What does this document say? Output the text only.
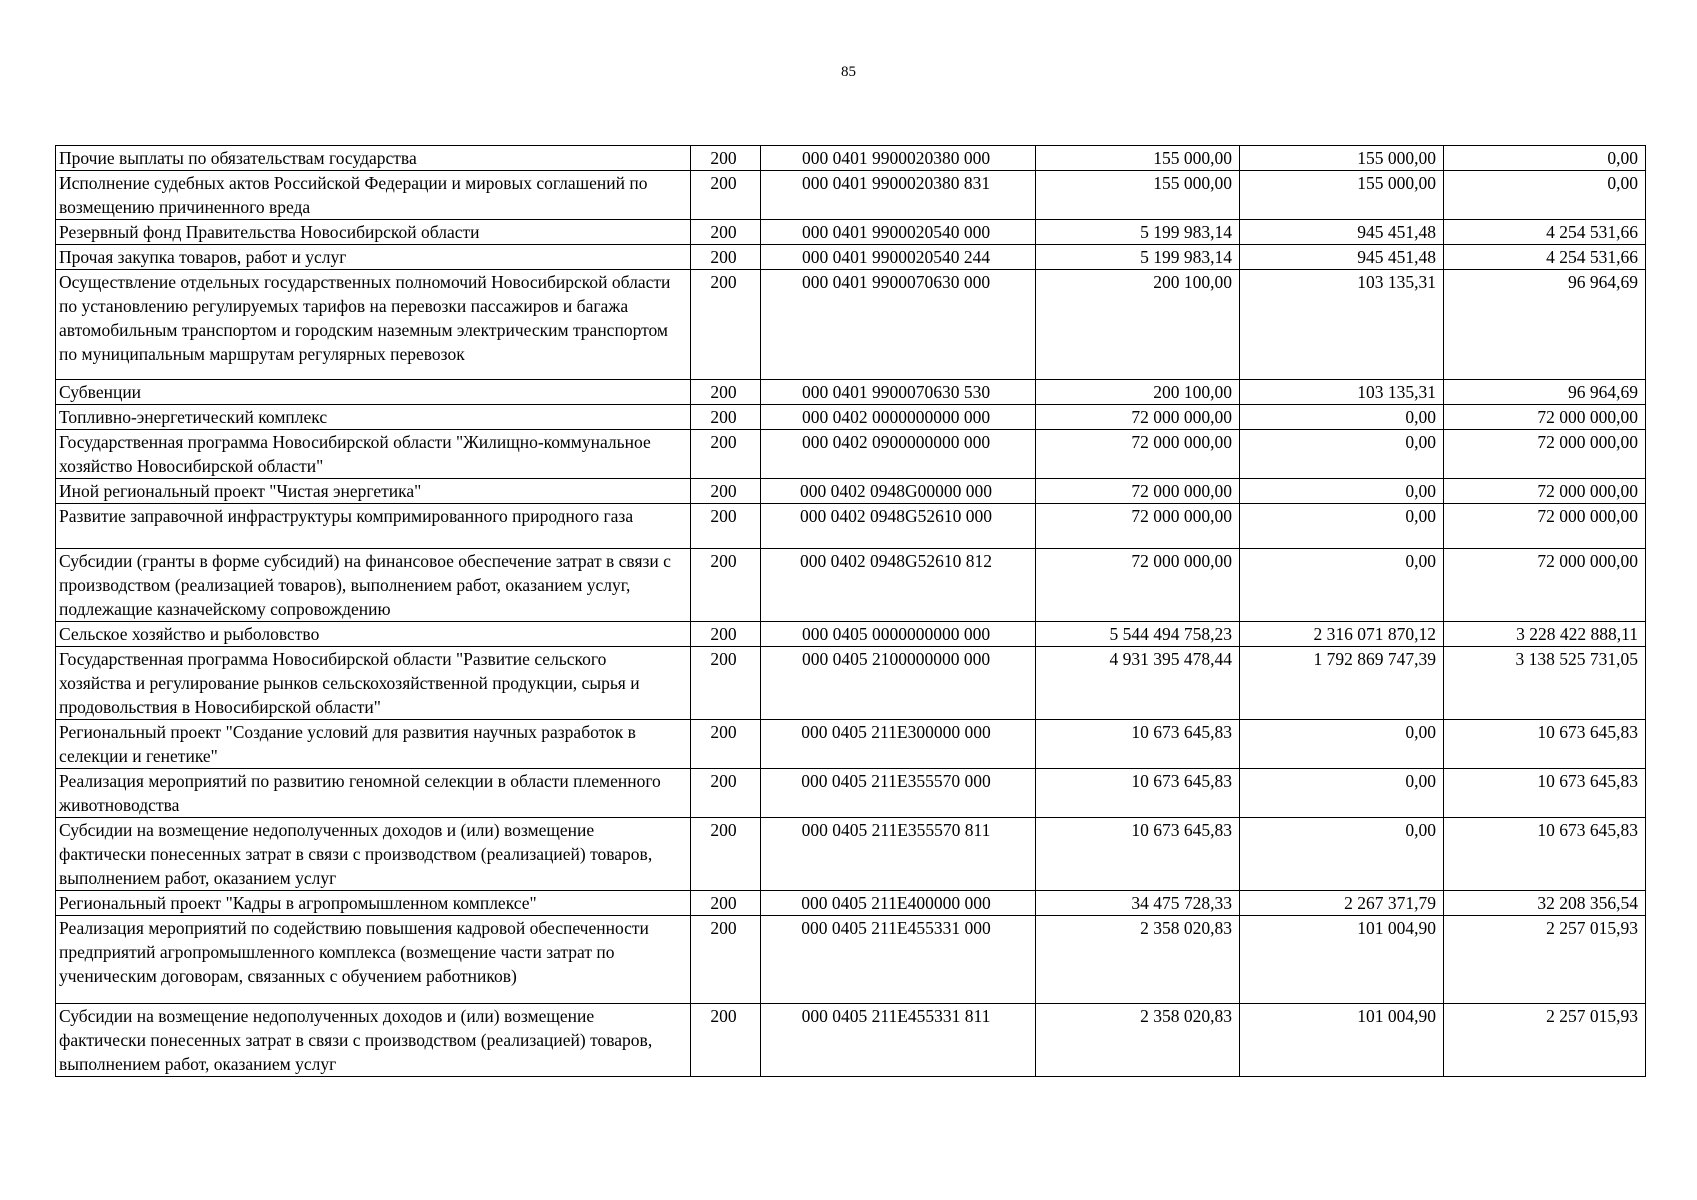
85
Прочие выплаты по обязательствам государства	200	000 0401 9900020380 000	155 000,00	155 000,00	0,00
Исполнение судебных актов Российской Федерации и мировых соглашений по возмещению причиненного вреда	200	000 0401 9900020380 831	155 000,00	155 000,00	0,00
Резервный фонд Правительства Новосибирской области	200	000 0401 9900020540 000	5 199 983,14	945 451,48	4 254 531,66
Прочая закупка товаров, работ и услуг	200	000 0401 9900020540 244	5 199 983,14	945 451,48	4 254 531,66
Осуществление отдельных государственных полномочий Новосибирской области по установлению регулируемых тарифов на перевозки пассажиров и багажа автомобильным транспортом и городским наземным электрическим транспортом по муниципальным маршрутам регулярных перевозок	200	000 0401 9900070630 000	200 100,00	103 135,31	96 964,69
Субвенции	200	000 0401 9900070630 530	200 100,00	103 135,31	96 964,69
Топливно-энергетический комплекс	200	000 0402 0000000000 000	72 000 000,00	0,00	72 000 000,00
Государственная программа Новосибирской области "Жилищно-коммунальное хозяйство Новосибирской области"	200	000 0402 0900000000 000	72 000 000,00	0,00	72 000 000,00
Иной региональный проект "Чистая энергетика"	200	000 0402 0948G00000 000	72 000 000,00	0,00	72 000 000,00
Развитие заправочной инфраструктуры компримированного природного газа	200	000 0402 0948G52610 000	72 000 000,00	0,00	72 000 000,00
Субсидии (гранты в форме субсидий) на финансовое обеспечение затрат в связи с производством (реализацией товаров), выполнением работ, оказанием услуг, подлежащие казначейскому сопровождению	200	000 0402 0948G52610 812	72 000 000,00	0,00	72 000 000,00
Сельское хозяйство и рыболовство	200	000 0405 0000000000 000	5 544 494 758,23	2 316 071 870,12	3 228 422 888,11
Государственная программа Новосибирской области "Развитие сельского хозяйства и регулирование рынков сельскохозяйственной продукции, сырья и продовольствия в Новосибирской области"	200	000 0405 2100000000 000	4 931 395 478,44	1 792 869 747,39	3 138 525 731,05
Региональный проект "Создание условий для развития научных разработок в селекции и генетике"	200	000 0405 211E300000 000	10 673 645,83	0,00	10 673 645,83
Реализация мероприятий по развитию геномной селекции в области племенного животноводства	200	000 0405 211E355570 000	10 673 645,83	0,00	10 673 645,83
Субсидии на возмещение недополученных доходов и (или) возмещение фактически понесенных затрат в связи с производством (реализацией) товаров, выполнением работ, оказанием услуг	200	000 0405 211E355570 811	10 673 645,83	0,00	10 673 645,83
Региональный проект "Кадры в агропромышленном комплексе"	200	000 0405 211E400000 000	34 475 728,33	2 267 371,79	32 208 356,54
Реализация мероприятий по содействию повышения кадровой обеспеченности предприятий агропромышленного комплекса (возмещение части затрат по ученическим договорам, связанных с обучением работников)	200	000 0405 211E455331 000	2 358 020,83	101 004,90	2 257 015,93
Субсидии на возмещение недополученных доходов и (или) возмещение фактически понесенных затрат в связи с производством (реализацией) товаров, выполнением работ, оказанием услуг	200	000 0405 211E455331 811	2 358 020,83	101 004,90	2 257 015,93
